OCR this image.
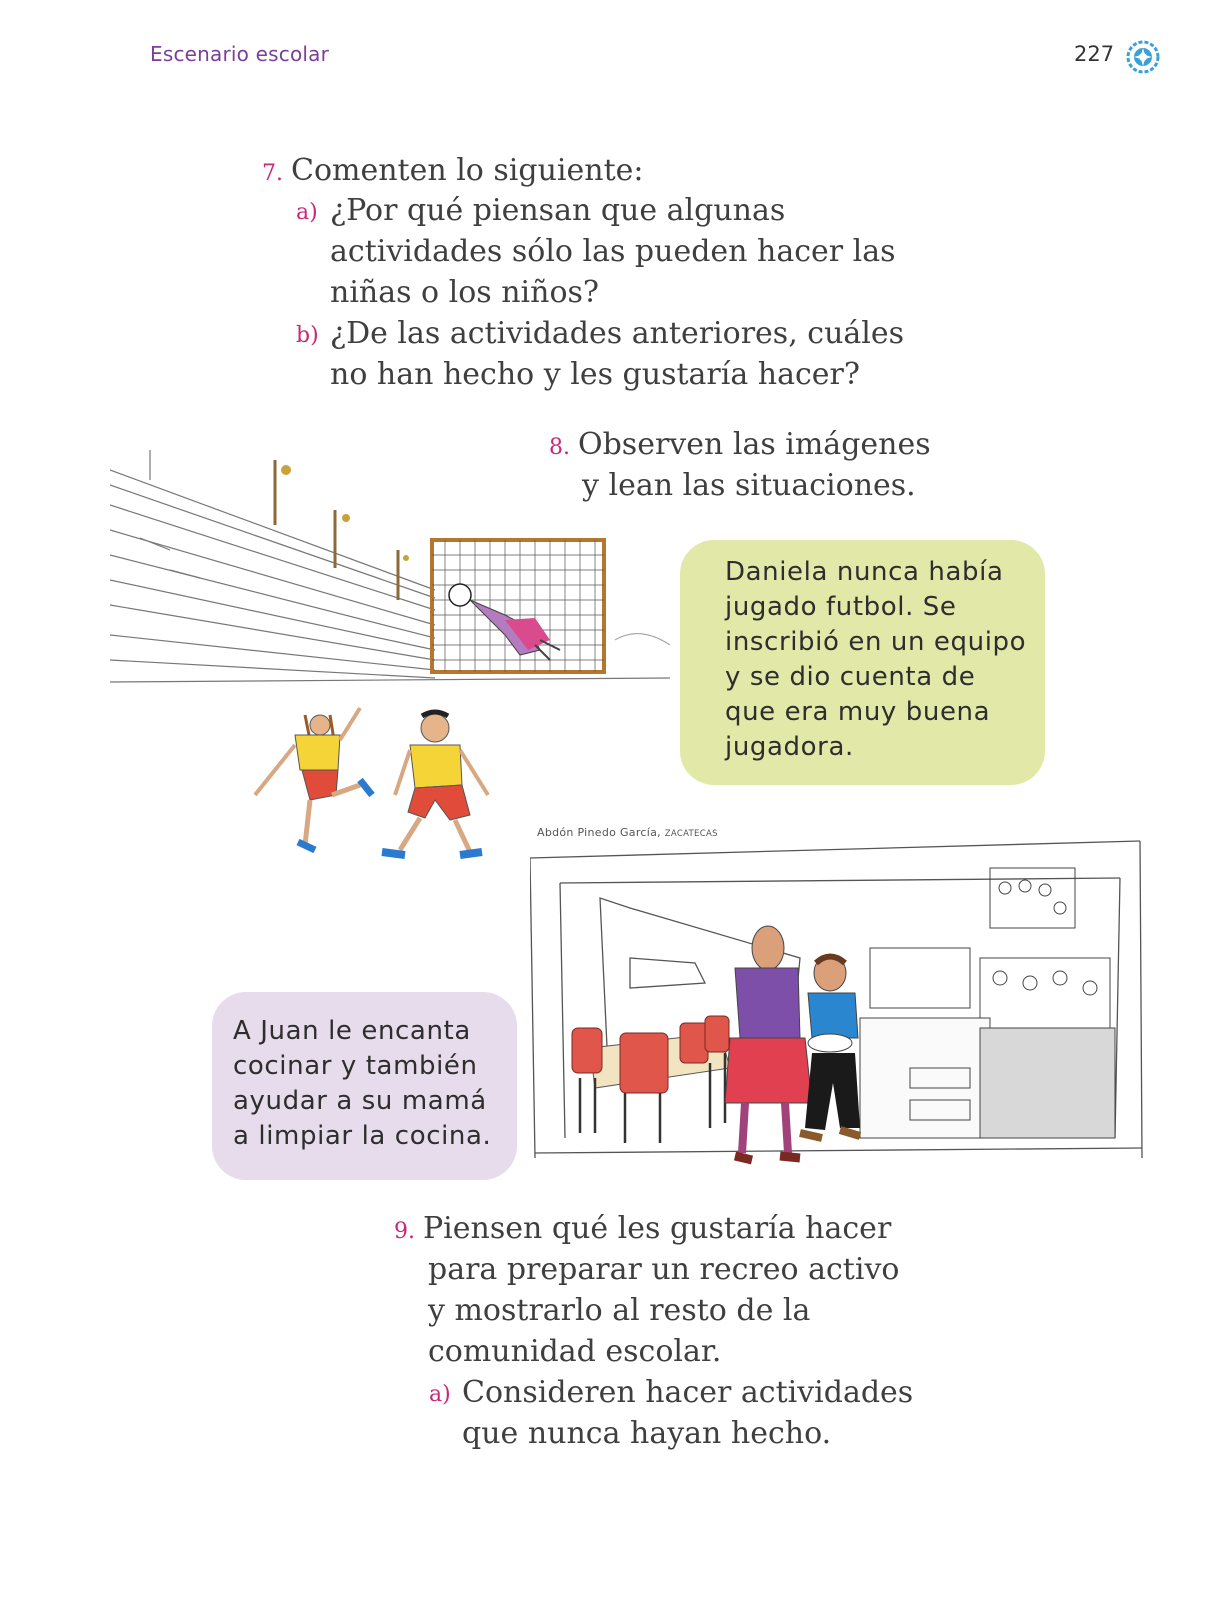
Escenario escolar	227
7. Comenten lo siguiente:
a) ¿Por qué piensan que algunas
actividades sólo las pueden hacer las
niñas o los niños?
b) ¿De las actividades anteriores, cuáles
no han hecho y les gustaría hacer?
8. Observen las imágenes
y lean las situaciones.
Daniela nunca había
jugado futbol. Se
inscribió en un equipo
y se dio cuenta de
que era muy buena
jugadora.
Abdón Pinedo García, ZACATECAS
A Juan le encanta
cocinar y también
ayudar a su mamá
a limpiar la cocina.
9. Piensen qué les gustaría hacer
para preparar un recreo activo
y mostrarlo al resto de la
comunidad escolar.
a) Consideren hacer actividades
que nunca hayan hecho.
